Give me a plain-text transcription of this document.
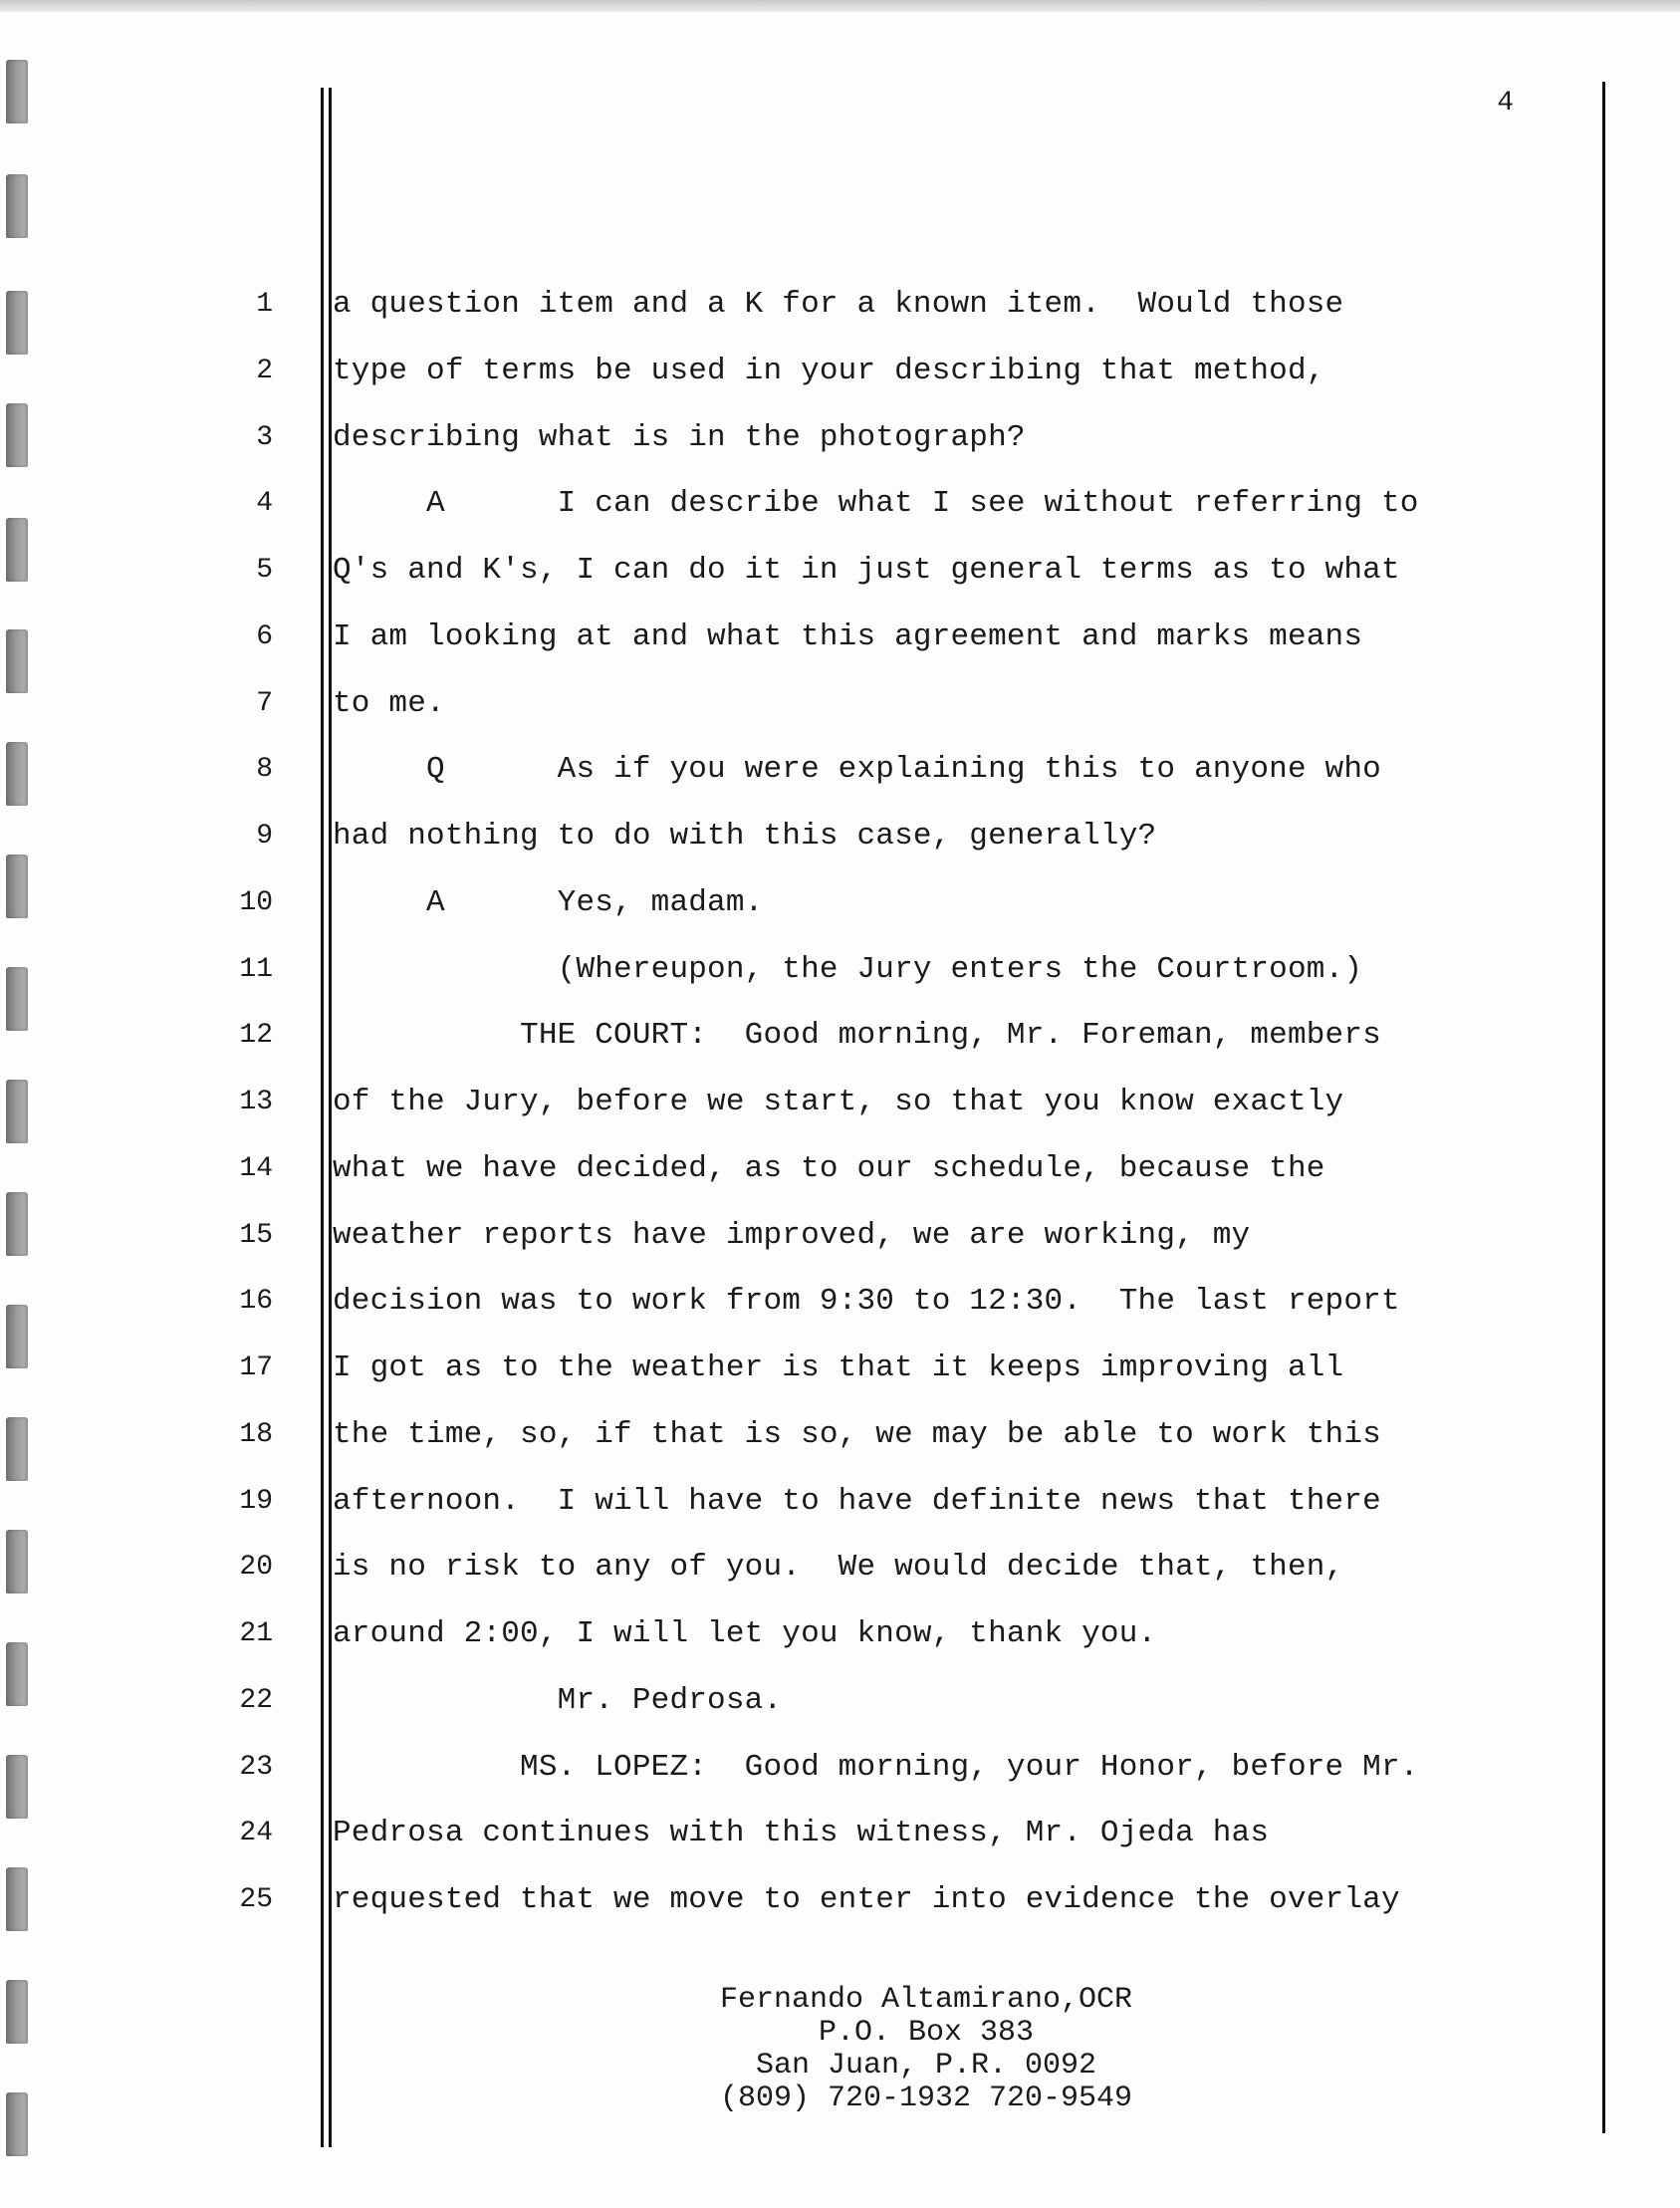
4
1 a question item and a K for a known item.  Would those
2 type of terms be used in your describing that method,
3 describing what is in the photograph?
4 A      I can describe what I see without referring to
5 Q's and K's, I can do it in just general terms as to what
6 I am looking at and what this agreement and marks means
7 to me.
8 Q      As if you were explaining this to anyone who
9 had nothing to do with this case, generally?
10 A      Yes, madam.
11 (Whereupon, the Jury enters the Courtroom.)
12 THE COURT:  Good morning, Mr. Foreman, members
13 of the Jury, before we start, so that you know exactly
14 what we have decided, as to our schedule, because the
15 weather reports have improved, we are working, my
16 decision was to work from 9:30 to 12:30.  The last report
17 I got as to the weather is that it keeps improving all
18 the time, so, if that is so, we may be able to work this
19 afternoon.  I will have to have definite news that there
20 is no risk to any of you.  We would decide that, then,
21 around 2:00, I will let you know, thank you.
22 Mr. Pedrosa.
23 MS. LOPEZ:  Good morning, your Honor, before Mr.
24 Pedrosa continues with this witness, Mr. Ojeda has
25 requested that we move to enter into evidence the overlay
Fernando Altamirano,OCR
P.O. Box 383
San Juan, P.R. 0092
(809) 720-1932 720-9549
